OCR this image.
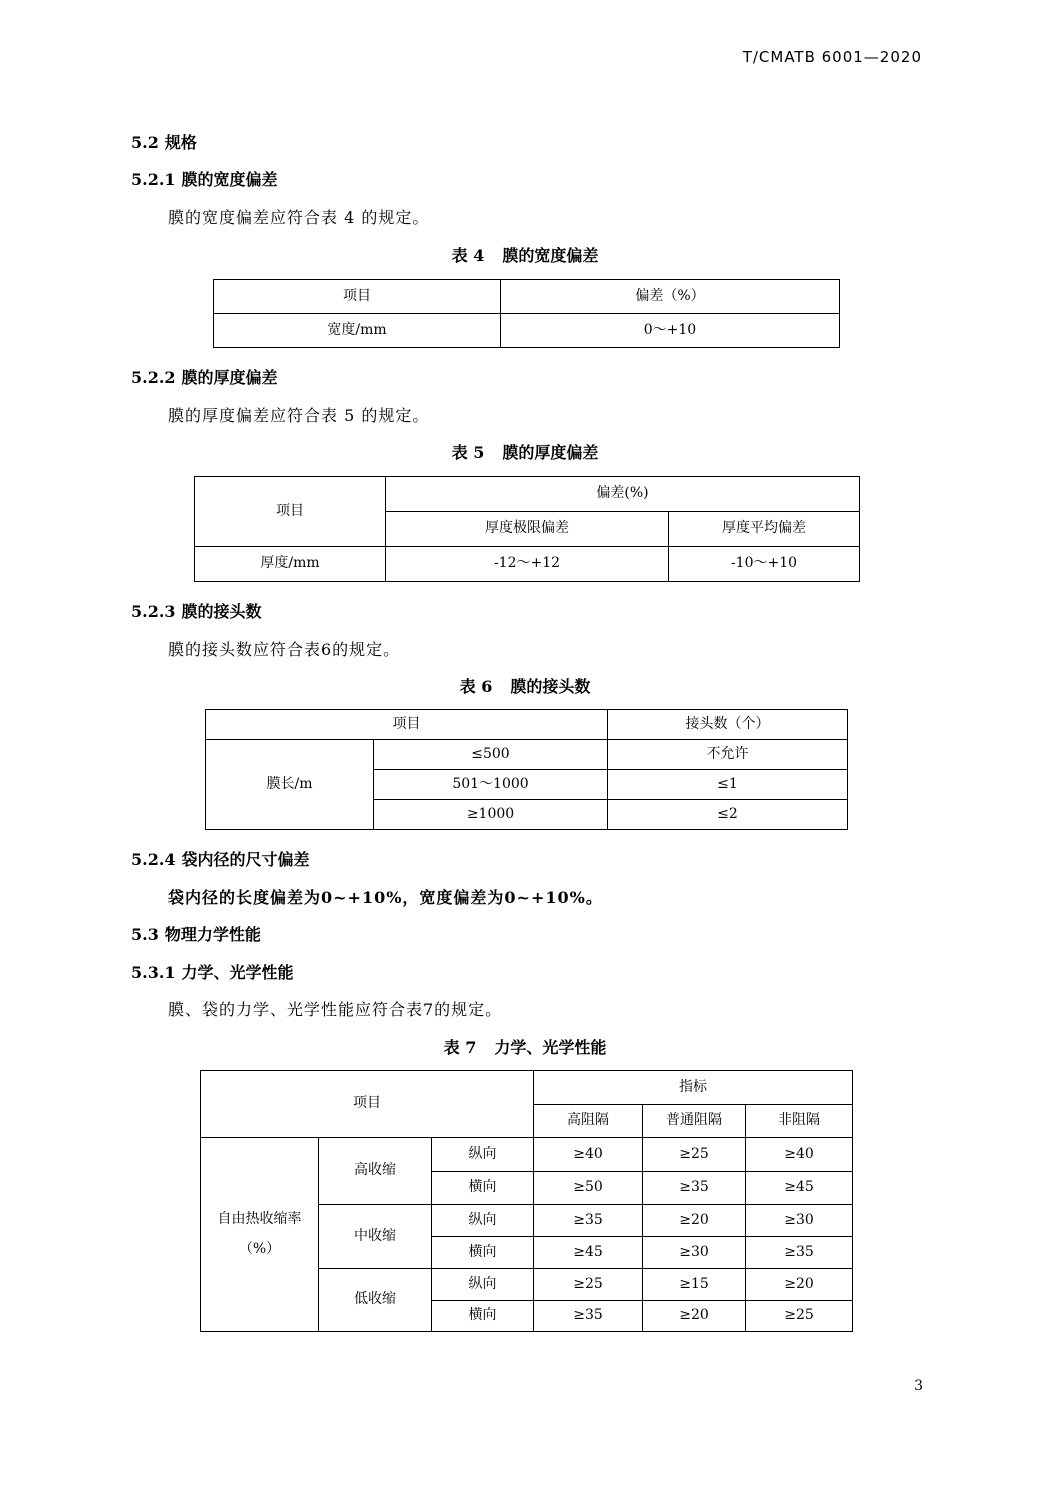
T/CMATB 6001—2020
5.2 规格
5.2.1 膜的宽度偏差
膜的宽度偏差应符合表 4 的规定。
表 4 膜的宽度偏差
项目	偏差（%）
宽度/mm	0～+10
5.2.2 膜的厚度偏差
膜的厚度偏差应符合表 5 的规定。
表 5 膜的厚度偏差
项目	偏差(%)	
	厚度极限偏差	厚度平均偏差
厚度/mm	-12～+12	-10～+10
5.2.3 膜的接头数
膜的接头数应符合表6的规定。
表 6 膜的接头数
项目		接头数（个）
膜长/m	≤500	不允许
	501～1000	≤1
	≥1000	≤2
5.2.4 袋内径的尺寸偏差
袋内径的长度偏差为0~+10%，宽度偏差为0~+10%。
5.3 物理力学性能
5.3.1 力学、光学性能
膜、袋的力学、光学性能应符合表7的规定。
表 7 力学、光学性能
项目			指标		
			高阻隔	普通阻隔	非阻隔

自由热收缩率
（%）	高收缩	纵向	≥40	≥25	≥40
		横向	≥50	≥35	≥45
	中收缩	纵向	≥35	≥20	≥30
		横向	≥45	≥30	≥35
	低收缩	纵向	≥25	≥15	≥20
		横向	≥35	≥20	≥25
3
